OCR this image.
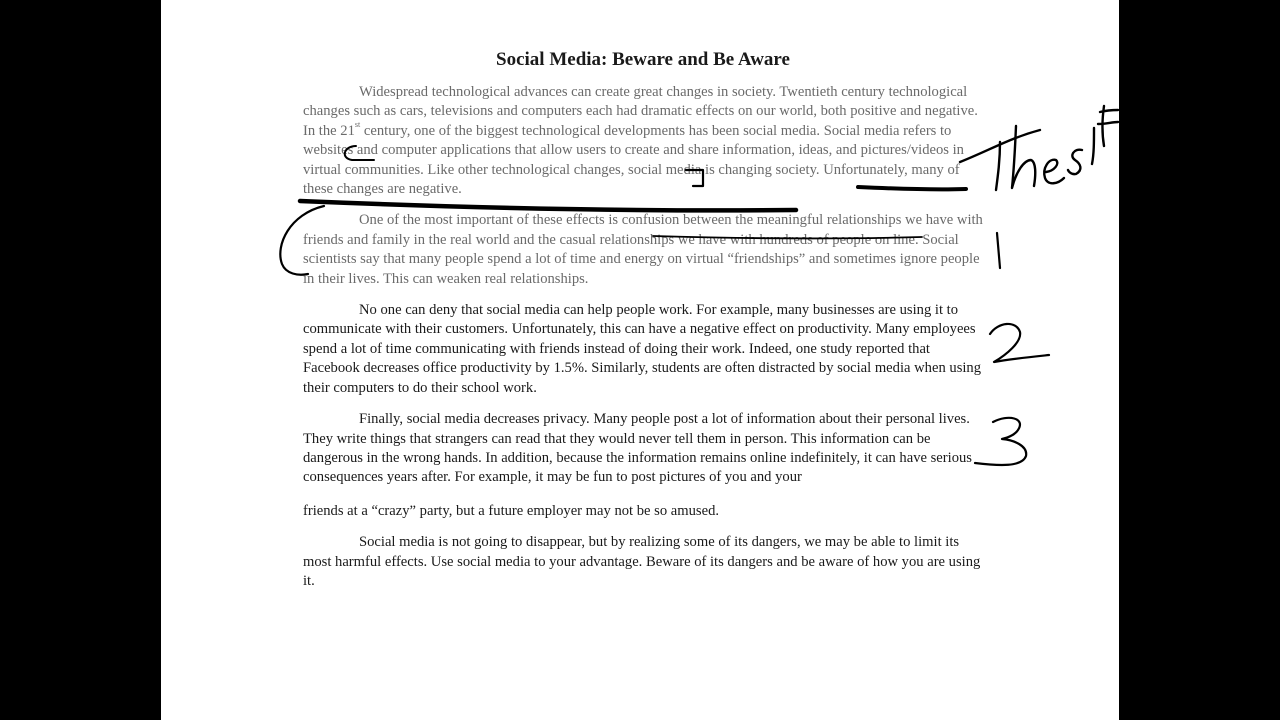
Social Media: Beware and Be Aware

Widespread technological advances can create great changes in society. Twentieth century technological changes such as cars, televisions and computers each had dramatic effects on our world, both positive and negative. In the 21st century, one of the biggest technological developments has been social media. Social media refers to websites and computer applications that allow users to create and share information, ideas, and pictures/videos in virtual communities. Like other technological changes, social media is changing society. Unfortunately, many of these changes are negative.

One of the most important of these effects is confusion between the meaningful relationships we have with friends and family in the real world and the casual relationships we have with hundreds of people on line. Social scientists say that many people spend a lot of time and energy on virtual “friendships” and sometimes ignore people in their lives. This can weaken real relationships.

No one can deny that social media can help people work. For example, many businesses are using it to communicate with their customers. Unfortunately, this can have a negative effect on productivity. Many employees spend a lot of time communicating with friends instead of doing their work. Indeed, one study reported that Facebook decreases office productivity by 1.5%. Similarly, students are often distracted by social media when using their computers to do their school work.

Finally, social media decreases privacy. Many people post a lot of information about their personal lives. They write things that strangers can read that they would never tell them in person. This information can be dangerous in the wrong hands. In addition, because the information remains online indefinitely, it can have serious consequences years after. For example, it may be fun to post pictures of you and your

friends at a “crazy” party, but a future employer may not be so amused.

Social media is not going to disappear, but by realizing some of its dangers, we may be able to limit its most harmful effects. Use social media to your advantage. Beware of its dangers and be aware of how you are using it.
